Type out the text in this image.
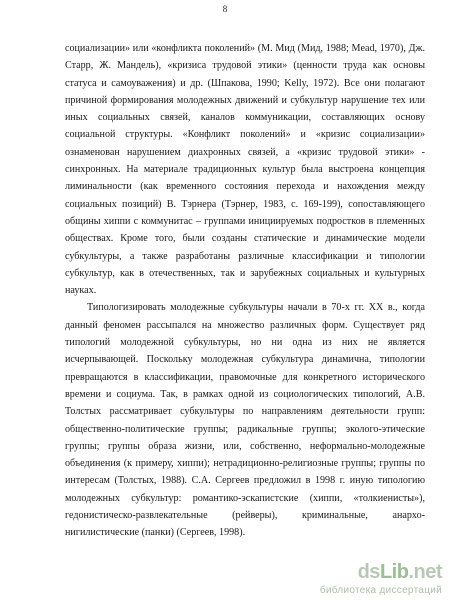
8

социализации» или «конфликта поколений» (М. Мид (Мид, 1988; Mead, 1970), Дж. Старр, Ж. Мандель), «кризиса трудовой этики» (ценности труда как основы статуса и самоуважения) и др. (Шпакова, 1990; Kelly, 1972). Все они полагают причиной формирования молодежных движений и субкультур нарушение тех или иных социальных связей, каналов коммуникации, составляющих основу социальной структуры. «Конфликт поколений» и «кризис социализации» ознаменован нарушением диахронных связей, а «кризис трудовой этики» - синхронных. На материале традиционных культур была выстроена концепция лиминальности (как временного состояния перехода и нахождения между социальных позиций) В. Тэрнера (Тэрнер, 1983, с. 169-199), сопоставляющего общины хиппи с коммунитас – группами инициируемых подростков в племенных обществах. Кроме того, были созданы статические и динамические модели субкультуры, а также разработаны различные классификации и типологии субкультур, как в отечественных, так и зарубежных социальных и культурных науках.

Типологизировать молодежные субкультуры начали в 70-х гг. XX в., когда данный феномен рассыпался на множество различных форм. Существует ряд типологий молодежной субкультуры, но ни одна из них не является исчерпывающей. Поскольку молодежная субкультура динамична, типологии превращаются в классификации, правомочные для конкретного исторического времени и социума. Так, в рамках одной из социологических типологий, А.В. Толстых рассматривает субкультуры по направлениям деятельности групп: общественно-политические группы; радикальные группы; эколого-этические группы; группы образа жизни, или, собственно, неформально-молодежные объединения (к примеру, хиппи); нетрадиционно-религиозные группы; группы по интересам (Толстых, 1988). С.А. Сергеев предложил в 1998 г. иную типологию молодежных субкультур: романтико-эскапистские (хиппи, «толкиенисты»), гедонистическо-развлекательные (рейверы), криминальные, анархо-нигилистические (панки) (Сергеев, 1998).

dsLib.net
библиотека диссертаций
